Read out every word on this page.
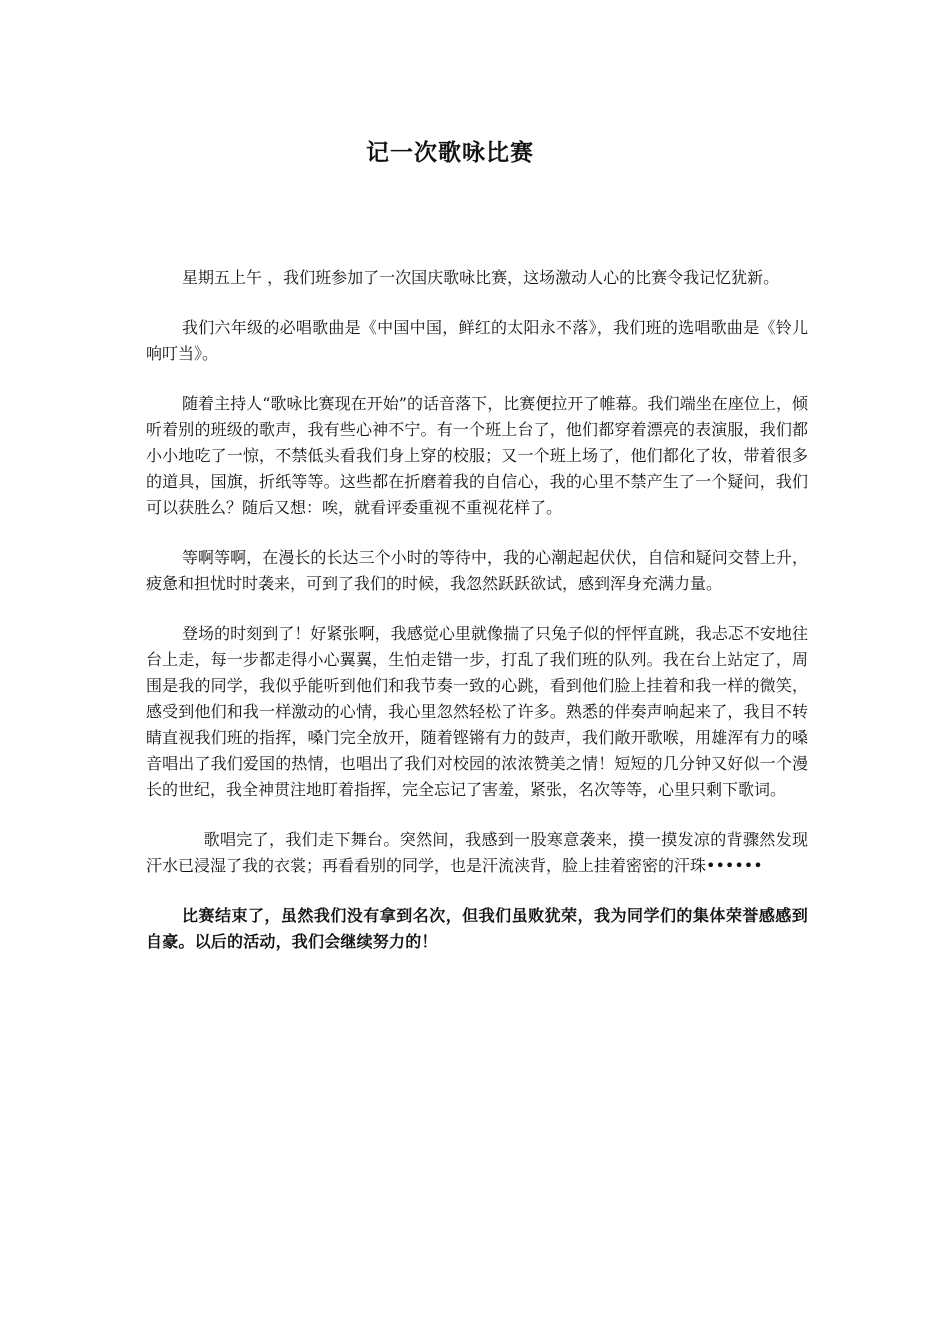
记一次歌咏比赛

星期五上午 ，我们班参加了一次国庆歌咏比赛，这场激动人心的比赛令我记忆犹新。

我们六年级的必唱歌曲是《中国中国，鲜红的太阳永不落》，我们班的选唱歌曲是《铃儿响叮当》。

随着主持人“歌咏比赛现在开始”的话音落下，比赛便拉开了帷幕。我们端坐在座位上，倾听着别的班级的歌声，我有些心神不宁。有一个班上台了，他们都穿着漂亮的表演服，我们都小小地吃了一惊，不禁低头看我们身上穿的校服；又一个班上场了，他们都化了妆，带着很多的道具，国旗，折纸等等。这些都在折磨着我的自信心，我的心里不禁产生了一个疑问，我们可以获胜么？随后又想：唉，就看评委重视不重视花样了。

等啊等啊，在漫长的长达三个小时的等待中，我的心潮起起伏伏，自信和疑问交替上升，疲惫和担忧时时袭来，可到了我们的时候，我忽然跃跃欲试，感到浑身充满力量。

登场的时刻到了！好紧张啊，我感觉心里就像揣了只兔子似的怦怦直跳，我忐忑不安地往台上走，每一步都走得小心翼翼，生怕走错一步，打乱了我们班的队列。我在台上站定了，周围是我的同学，我似乎能听到他们和我节奏一致的心跳，看到他们脸上挂着和我一样的微笑，感受到他们和我一样激动的心情，我心里忽然轻松了许多。熟悉的伴奏声响起来了，我目不转睛直视我们班的指挥，嗓门完全放开，随着铿锵有力的鼓声，我们敞开歌喉，用雄浑有力的嗓音唱出了我们爱国的热情，也唱出了我们对校园的浓浓赞美之情！短短的几分钟又好似一个漫长的世纪，我全神贯注地盯着指挥，完全忘记了害羞，紧张，名次等等，心里只剩下歌词。

歌唱完了，我们走下舞台。突然间，我感到一股寒意袭来，摸一摸发凉的背骤然发现汗水已浸湿了我的衣裳；再看看别的同学，也是汗流浃背，脸上挂着密密的汗珠••••••

比赛结束了，虽然我们没有拿到名次，但我们虽败犹荣，我为同学们的集体荣誉感感到自豪。以后的活动，我们会继续努力的！
